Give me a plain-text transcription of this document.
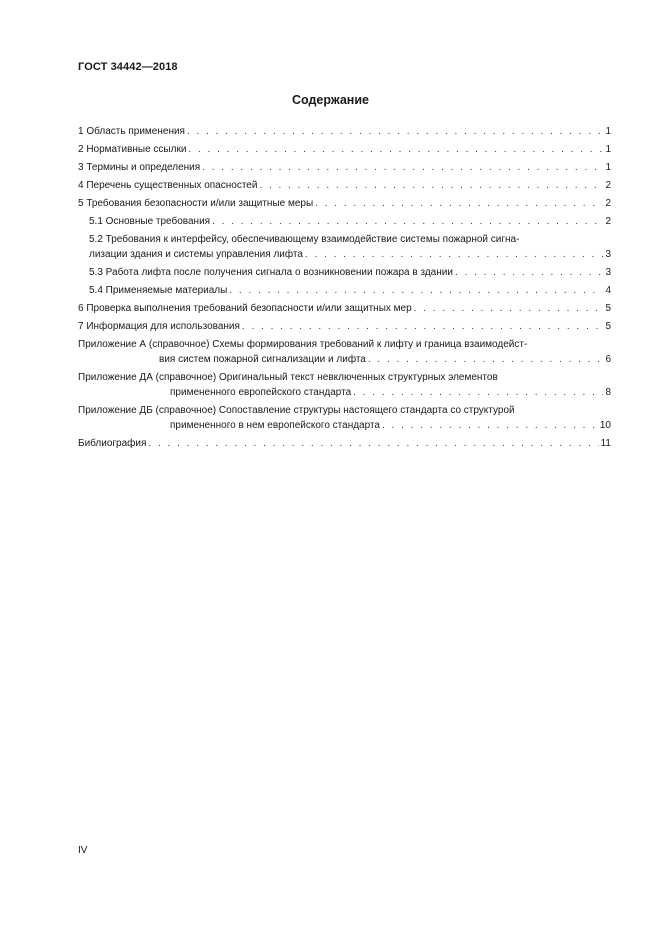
ГОСТ 34442—2018
Содержание
1 Область применения . . .	1
2 Нормативные ссылки . . .	1
3 Термины и определения . . .	1
4 Перечень существенных опасностей . . .	2
5 Требования безопасности и/или защитные меры . . .	2
5.1 Основные требования . . .	2
5.2 Требования к интерфейсу, обеспечивающему взаимодействие системы пожарной сигна-
лизации здания и системы управления лифта . . .	3
5.3 Работа лифта после получения сигнала о возникновении пожара в здании . . .	3
5.4 Применяемые материалы . . .	4
6 Проверка выполнения требований безопасности и/или защитных мер . . .	5
7 Информация для использования . . .	5
Приложение А (справочное) Схемы формирования требований к лифту и граница взаимодейст-
вия систем пожарной сигнализации и лифта . . .	6
Приложение ДА (справочное) Оригинальный текст невключенных структурных элементов
примененного европейского стандарта . . .	8
Приложение ДБ (справочное) Сопоставление структуры настоящего стандарта со структурой
примененного в нем европейского стандарта . . .	10
Библиография . . .	11
IV
